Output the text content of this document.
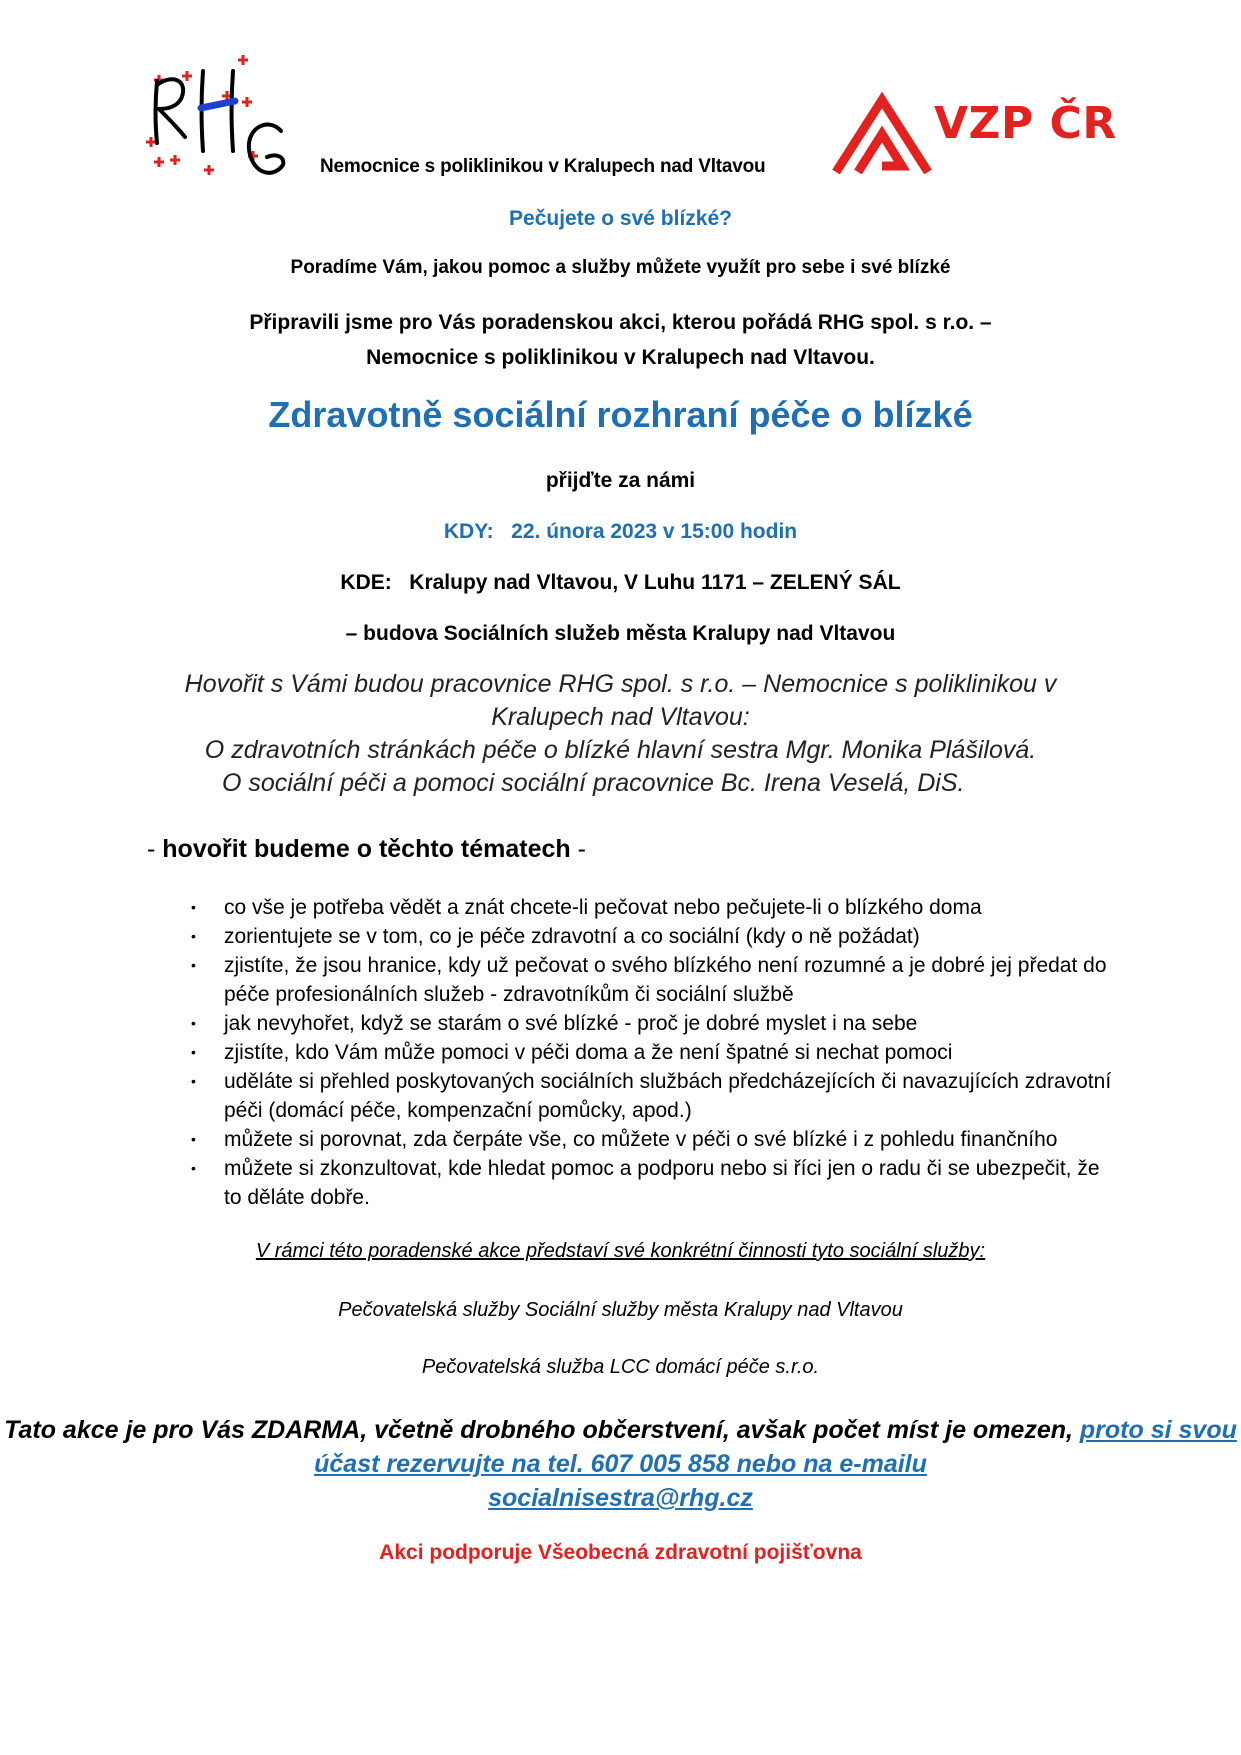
Nemocnice s poliklinikou v Kralupech nad Vltavou
VZP ČR
Pečujete o své blízké?
Poradíme Vám, jakou pomoc a služby můžete využít pro sebe i své blízké
Připravili jsme pro Vás poradenskou akci, kterou pořádá RHG spol. s r.o. –
Nemocnice s poliklinikou v Kralupech nad Vltavou.
Zdravotně sociální rozhraní péče o blízké
přijďte za námi
KDY: 22. února 2023 v 15:00 hodin
KDE: Kralupy nad Vltavou, V Luhu 1171 – ZELENÝ SÁL
– budova Sociálních služeb města Kralupy nad Vltavou
Hovořit s Vámi budou pracovnice RHG spol. s r.o. – Nemocnice s poliklinikou v
Kralupech nad Vltavou:
O zdravotních stránkách péče o blízké hlavní sestra Mgr. Monika Plášilová.
O sociální péči a pomoci sociální pracovnice Bc. Irena Veselá, DiS.
- hovořit budeme o těchto tématech -
• co vše je potřeba vědět a znát chcete-li pečovat nebo pečujete-li o blízkého doma
• zorientujete se v tom, co je péče zdravotní a co sociální (kdy o ně požádat)
• zjistíte, že jsou hranice, kdy už pečovat o svého blízkého není rozumné a je dobré jej předat do péče profesionálních služeb - zdravotníkům či sociální službě
• jak nevyhořet, když se starám o své blízké - proč je dobré myslet i na sebe
• zjistíte, kdo Vám může pomoci v péči doma a že není špatné si nechat pomoci
• uděláte si přehled poskytovaných sociálních službách předcházejících či navazujících zdravotní péči (domácí péče, kompenzační pomůcky, apod.)
• můžete si porovnat, zda čerpáte vše, co můžete v péči o své blízké i z pohledu finančního
• můžete si zkonzultovat, kde hledat pomoc a podporu nebo si říci jen o radu či se ubezpečit, že to děláte dobře.
V rámci této poradenské akce představí své konkrétní činnosti tyto sociální služby:
Pečovatelská služby Sociální služby města Kralupy nad Vltavou
Pečovatelská služba LCC domácí péče s.r.o.
Tato akce je pro Vás ZDARMA, včetně drobného občerstvení, avšak počet míst je omezen, proto si svou účast rezervujte na tel. 607 005 858 nebo na e-mailu
socialnisestra@rhg.cz
Akci podporuje Všeobecná zdravotní pojišťovna
